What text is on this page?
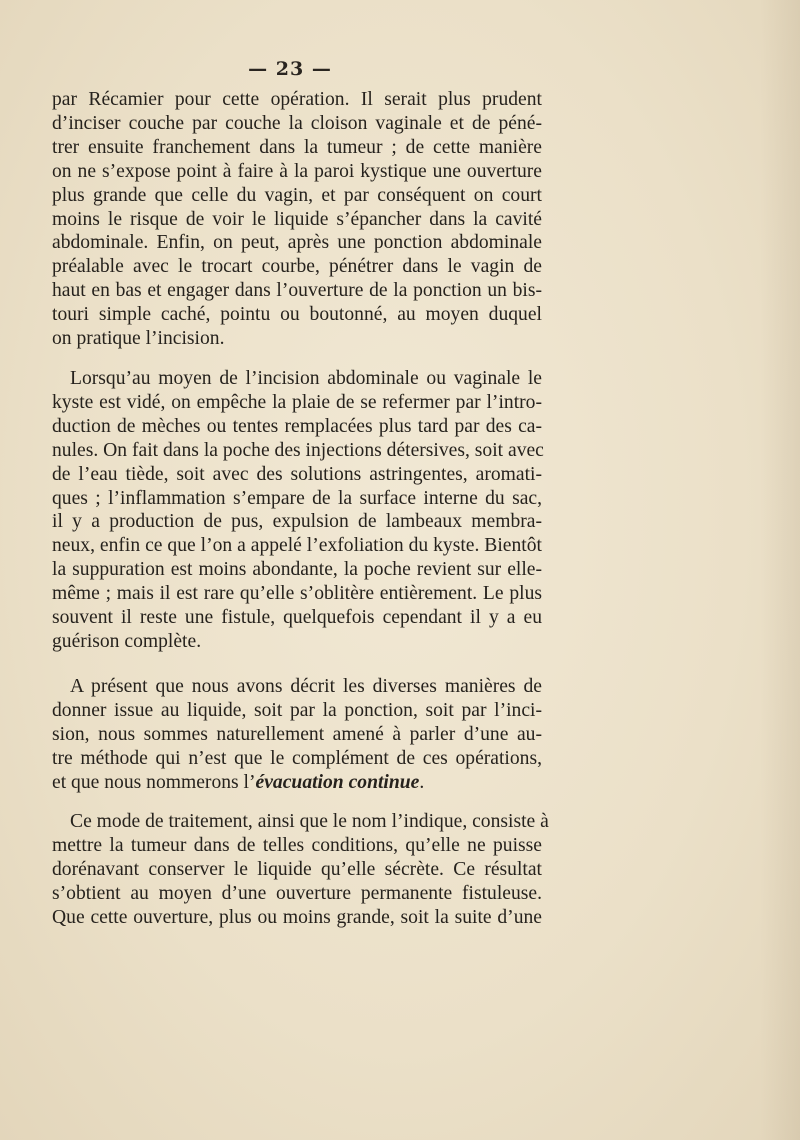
— 23 —
par Récamier pour cette opération. Il serait plus prudent
d’inciser couche par couche la cloison vaginale et de péné-
trer ensuite franchement dans la tumeur ; de cette manière
on ne s’expose point à faire à la paroi kystique une ouverture
plus grande que celle du vagin, et par conséquent on court
moins le risque de voir le liquide s’épancher dans la cavité
abdominale. Enfin, on peut, après une ponction abdominale
préalable avec le trocart courbe, pénétrer dans le vagin de
haut en bas et engager dans l’ouverture de la ponction un bis-
touri simple caché, pointu ou boutonné, au moyen duquel
on pratique l’incision.
Lorsqu’au moyen de l’incision abdominale ou vaginale le
kyste est vidé, on empêche la plaie de se refermer par l’intro-
duction de mèches ou tentes remplacées plus tard par des ca-
nules. On fait dans la poche des injections détersives, soit avec
de l’eau tiède, soit avec des solutions astringentes, aromati-
ques ; l’inflammation s’empare de la surface interne du sac,
il y a production de pus, expulsion de lambeaux membra-
neux, enfin ce que l’on a appelé l’exfoliation du kyste. Bientôt
la suppuration est moins abondante, la poche revient sur elle-
même ; mais il est rare qu’elle s’oblitère entièrement. Le plus
souvent il reste une fistule, quelquefois cependant il y a eu
guérison complète.
A présent que nous avons décrit les diverses manières de
donner issue au liquide, soit par la ponction, soit par l’inci-
sion, nous sommes naturellement amené à parler d’une au-
tre méthode qui n’est que le complément de ces opérations,
et que nous nommerons l’évacuation continue.
Ce mode de traitement, ainsi que le nom l’indique, consiste à
mettre la tumeur dans de telles conditions, qu’elle ne puisse
dorénavant conserver le liquide qu’elle sécrète. Ce résultat
s’obtient au moyen d’une ouverture permanente fistuleuse.
Que cette ouverture, plus ou moins grande, soit la suite d’une
